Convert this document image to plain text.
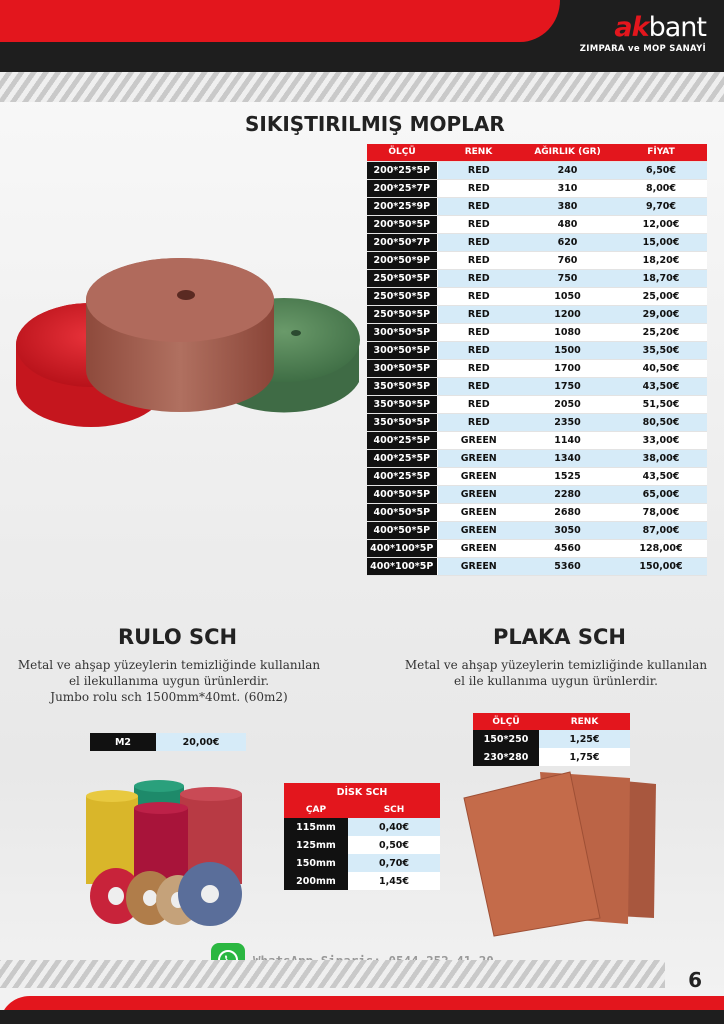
akbant
ZIMPARA ve MOP SANAYİ
SIKIŞTIRILMIŞ MOPLAR
ÖLÇÜ	RENK	AĞIRLIK (GR)	FİYAT
200*25*5P	RED	240	6,50€
200*25*7P	RED	310	8,00€
200*25*9P	RED	380	9,70€
200*50*5P	RED	480	12,00€
200*50*7P	RED	620	15,00€
200*50*9P	RED	760	18,20€
250*50*5P	RED	750	18,70€
250*50*5P	RED	1050	25,00€
250*50*5P	RED	1200	29,00€
300*50*5P	RED	1080	25,20€
300*50*5P	RED	1500	35,50€
300*50*5P	RED	1700	40,50€
350*50*5P	RED	1750	43,50€
350*50*5P	RED	2050	51,50€
350*50*5P	RED	2350	80,50€
400*25*5P	GREEN	1140	33,00€
400*25*5P	GREEN	1340	38,00€
400*25*5P	GREEN	1525	43,50€
400*50*5P	GREEN	2280	65,00€
400*50*5P	GREEN	2680	78,00€
400*50*5P	GREEN	3050	87,00€
400*100*5P	GREEN	4560	128,00€
400*100*5P	GREEN	5360	150,00€
RULO SCH
Metal ve ahşap yüzeylerin temizliğinde kullanılan
el ilekullanıma uygun ürünlerdir.
Jumbo rolu sch 1500mm*40mt. (60m2)
M2	20,00€
DİSK SCH	
ÇAP	SCH
115mm	0,40€
125mm	0,50€
150mm	0,70€
200mm	1,45€
PLAKA SCH
Metal ve ahşap yüzeylerin temizliğinde kullanılan
el ile kullanıma uygun ürünlerdir.
ÖLÇÜ	RENK
150*250	1,25€
230*280	1,75€
6
